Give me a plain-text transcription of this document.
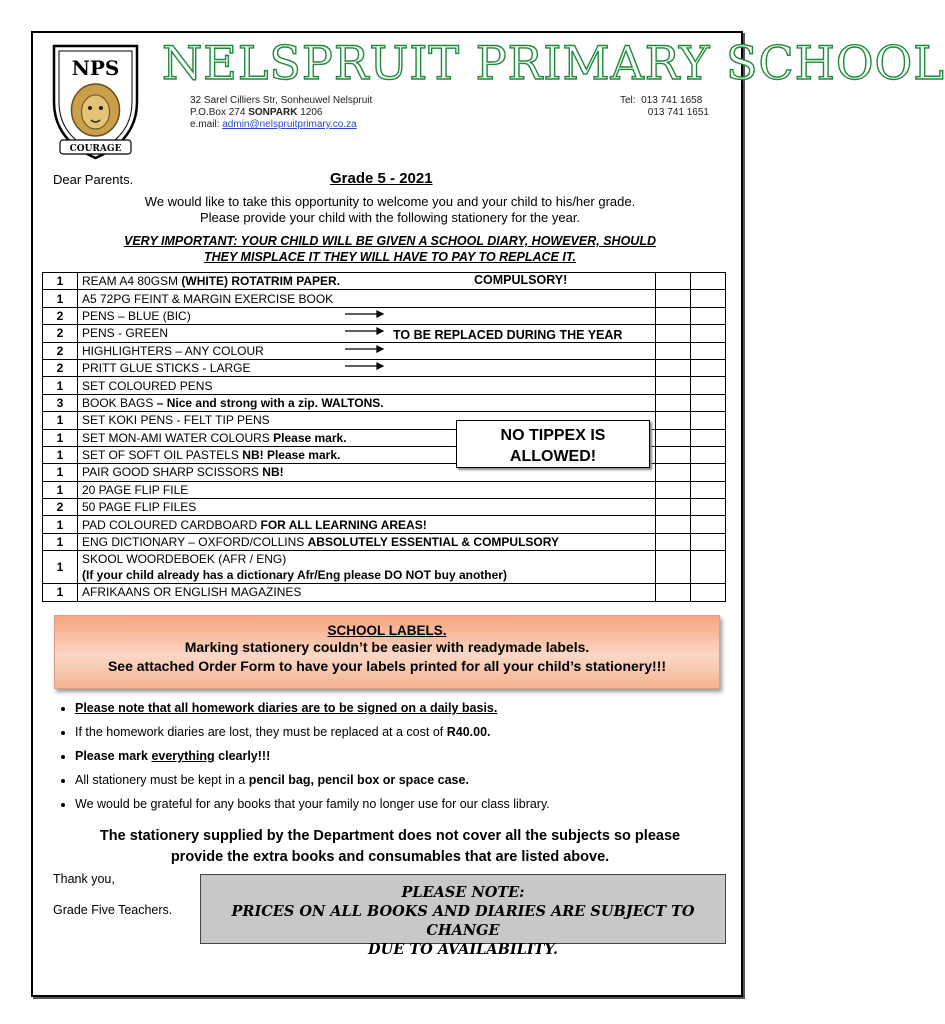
NPS
COURAGE
NELSPRUIT PRIMARY SCHOOL
32 Sarel Cilliers Str, Sonheuwel Nelspruit
P.O.Box 274 SONPARK 1206
e.mail: admin@nelspruitprimary.co.za
Tel: 013 741 1658
013 741 1651
Dear Parents.	Grade 5 - 2021
We would like to take this opportunity to welcome you and your child to his/her grade.
Please provide your child with the following stationery for the year.
VERY IMPORTANT: YOUR CHILD WILL BE GIVEN A SCHOOL DIARY, HOWEVER, SHOULD
THEY MISPLACE IT THEY WILL HAVE TO PAY TO REPLACE IT.
1	REAM A4 80GSM (WHITE) ROTATRIM PAPER.		
1	A5 72PG FEINT & MARGIN EXERCISE BOOK		
2	PENS – BLUE (BIC)		
2	PENS - GREEN		
2	HIGHLIGHTERS – ANY COLOUR		
2	PRITT GLUE STICKS - LARGE		
1	SET COLOURED PENS		
3	BOOK BAGS – Nice and strong with a zip. WALTONS.		
1	SET KOKI PENS - FELT TIP PENS		
1	SET MON-AMI WATER COLOURS Please mark.		
1	SET OF SOFT OIL PASTELS NB! Please mark.		
1	PAIR GOOD SHARP SCISSORS NB!		
1	20 PAGE FLIP FILE		
2	50 PAGE FLIP FILES		
1	PAD COLOURED CARDBOARD FOR ALL LEARNING AREAS!		
1	ENG DICTIONARY – OXFORD/COLLINS ABSOLUTELY ESSENTIAL & COMPULSORY		
1	SKOOL WOORDEBOEK (AFR / ENG)
(If your child already has a dictionary Afr/Eng please DO NOT buy another)		

1	AFRIKAANS OR ENGLISH MAGAZINES		
COMPULSORY!
TO BE REPLACED DURING THE YEAR
NO TIPPEX IS
ALLOWED!
SCHOOL LABELS.
Marking stationery couldn’t be easier with readymade labels.
See attached Order Form to have your labels printed for all your child’s stationery!!!
• Please note that all homework diaries are to be signed on a daily basis.
• If the homework diaries are lost, they must be replaced at a cost of R40.00.
• Please mark everything clearly!!!
• All stationery must be kept in a pencil bag, pencil box or space case.
• We would be grateful for any books that your family no longer use for our class library.
The stationery supplied by the Department does not cover all the subjects so please
provide the extra books and consumables that are listed above.
Thank you,
Grade Five Teachers.
PLEASE NOTE:
PRICES ON ALL BOOKS AND DIARIES ARE SUBJECT TO CHANGE
DUE TO AVAILABILITY.
